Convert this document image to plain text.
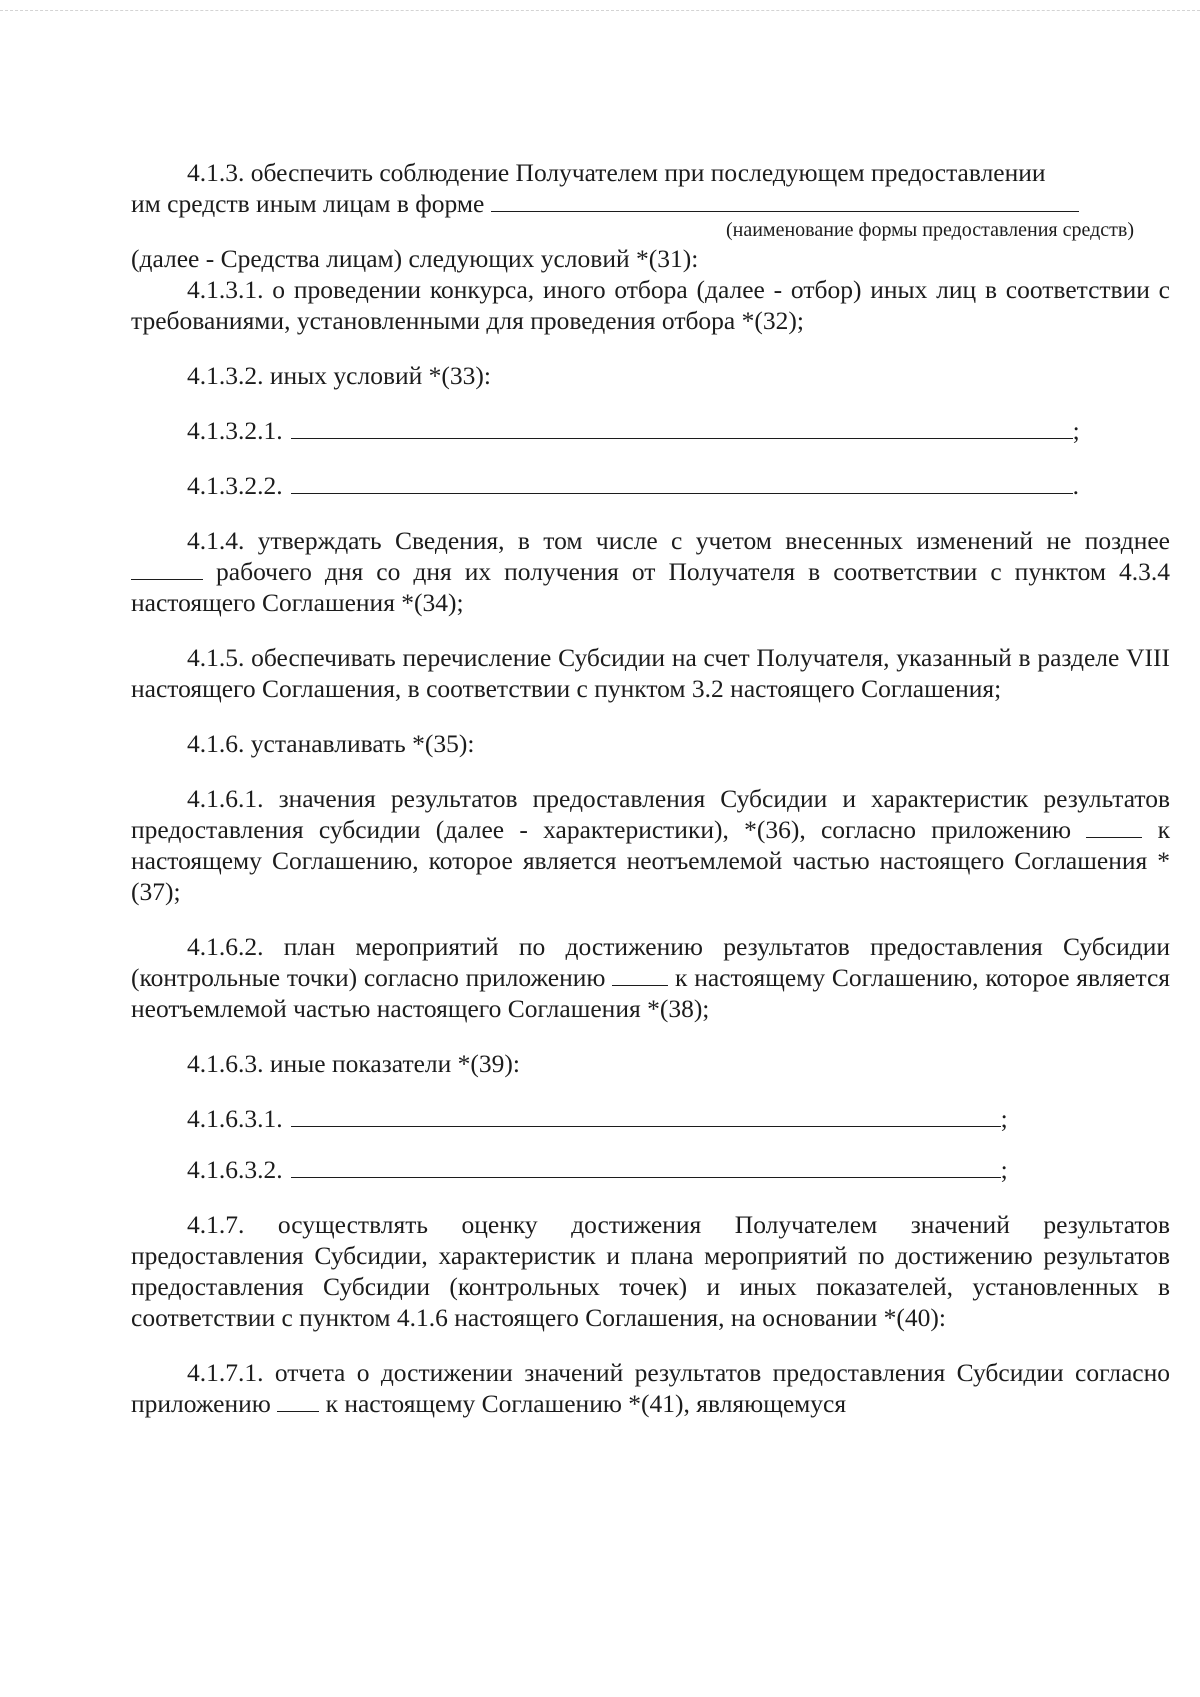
4.1.3. обеспечить соблюдение Получателем при последующем предоставлении

им средств иным лицам в форме

(наименование формы предоставления средств)

(далее - Средства лицам) следующих условий *(31):

4.1.3.1. о проведении конкурса, иного отбора (далее - отбор) иных лиц в соответствии с требованиями, установленными для проведения отбора *(32);

4.1.3.2. иных условий *(33):

4.1.3.2.1.	;
4.1.3.2.2.	.

4.1.4. утверждать Сведения, в том числе с учетом внесенных изменений не позднее  рабочего дня со дня их получения от Получателя в соответствии с пунктом 4.3.4 настоящего Соглашения *(34);

4.1.5. обеспечивать перечисление Субсидии на счет Получателя, указанный в разделе VIII настоящего Соглашения, в соответствии с пунктом 3.2 настоящего Соглашения;

4.1.6. устанавливать *(35):

4.1.6.1. значения результатов предоставления Субсидии и характеристик результатов предоставления субсидии (далее - характеристики), *(36), согласно приложению	к настоящему Соглашению, которое является неотъемлемой частью настоящего Соглашения *(37);

4.1.6.2. план мероприятий по достижению результатов предоставления Субсидии (контрольные точки) согласно приложению	к настоящему Соглашению, которое является неотъемлемой частью настоящего Соглашения *(38);

4.1.6.3. иные показатели *(39):

4.1.6.3.1.	;
4.1.6.3.2.	;

4.1.7. осуществлять оценку достижения Получателем значений результатов предоставления Субсидии, характеристик и плана мероприятий по достижению результатов предоставления Субсидии (контрольных точек) и иных показателей, установленных в соответствии с пунктом 4.1.6 настоящего Соглашения, на основании *(40):

4.1.7.1. отчета о достижении значений результатов предоставления Субсидии согласно приложению к настоящему Соглашению *(41), являющемуся
